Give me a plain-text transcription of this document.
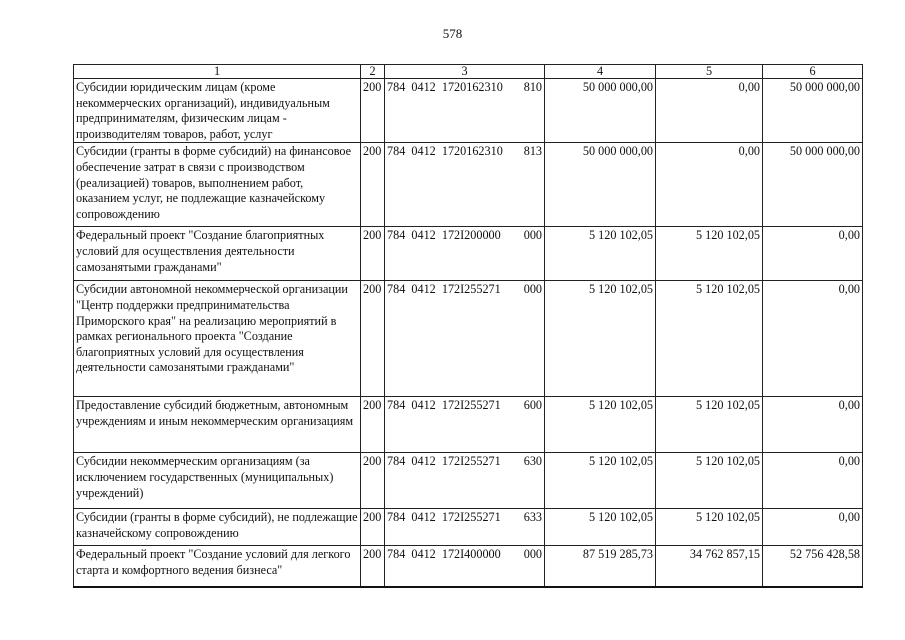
578
1	2	3	4	5	6
Субсидии юридическим лицам (кроме некоммерческих организаций), индивидуальным предпринимателям, физическим лицам - производителям товаров, работ, услуг	200	784  0412  1720162310 810	50 000 000,00	0,00	50 000 000,00
Субсидии (гранты в форме субсидий) на финансовое обеспечение затрат в связи с производством (реализацией) товаров, выполнением работ, оказанием услуг, не подлежащие казначейскому сопровождению	200	784  0412  1720162310 813	50 000 000,00	0,00	50 000 000,00
Федеральный проект "Создание благоприятных условий для осуществления деятельности самозанятыми гражданами"	200	784  0412  172I200000 000	5 120 102,05	5 120 102,05	0,00
Субсидии автономной некоммерческой организации "Центр поддержки предпринимательства Приморского края" на реализацию мероприятий в рамках регионального проекта "Создание благоприятных условий для осуществления деятельности самозанятыми гражданами"	200	784  0412  172I255271 000	5 120 102,05	5 120 102,05	0,00
Предоставление субсидий бюджетным, автономным учреждениям и иным некоммерческим организациям	200	784  0412  172I255271 600	5 120 102,05	5 120 102,05	0,00
Субсидии некоммерческим организациям (за исключением государственных (муниципальных) учреждений)	200	784  0412  172I255271 630	5 120 102,05	5 120 102,05	0,00
Субсидии (гранты в форме субсидий), не подлежащие казначейскому сопровождению	200	784  0412  172I255271 633	5 120 102,05	5 120 102,05	0,00
Федеральный проект "Создание условий для легкого старта и комфортного ведения бизнеса"	200	784  0412  172I400000 000	87 519 285,73	34 762 857,15	52 756 428,58
